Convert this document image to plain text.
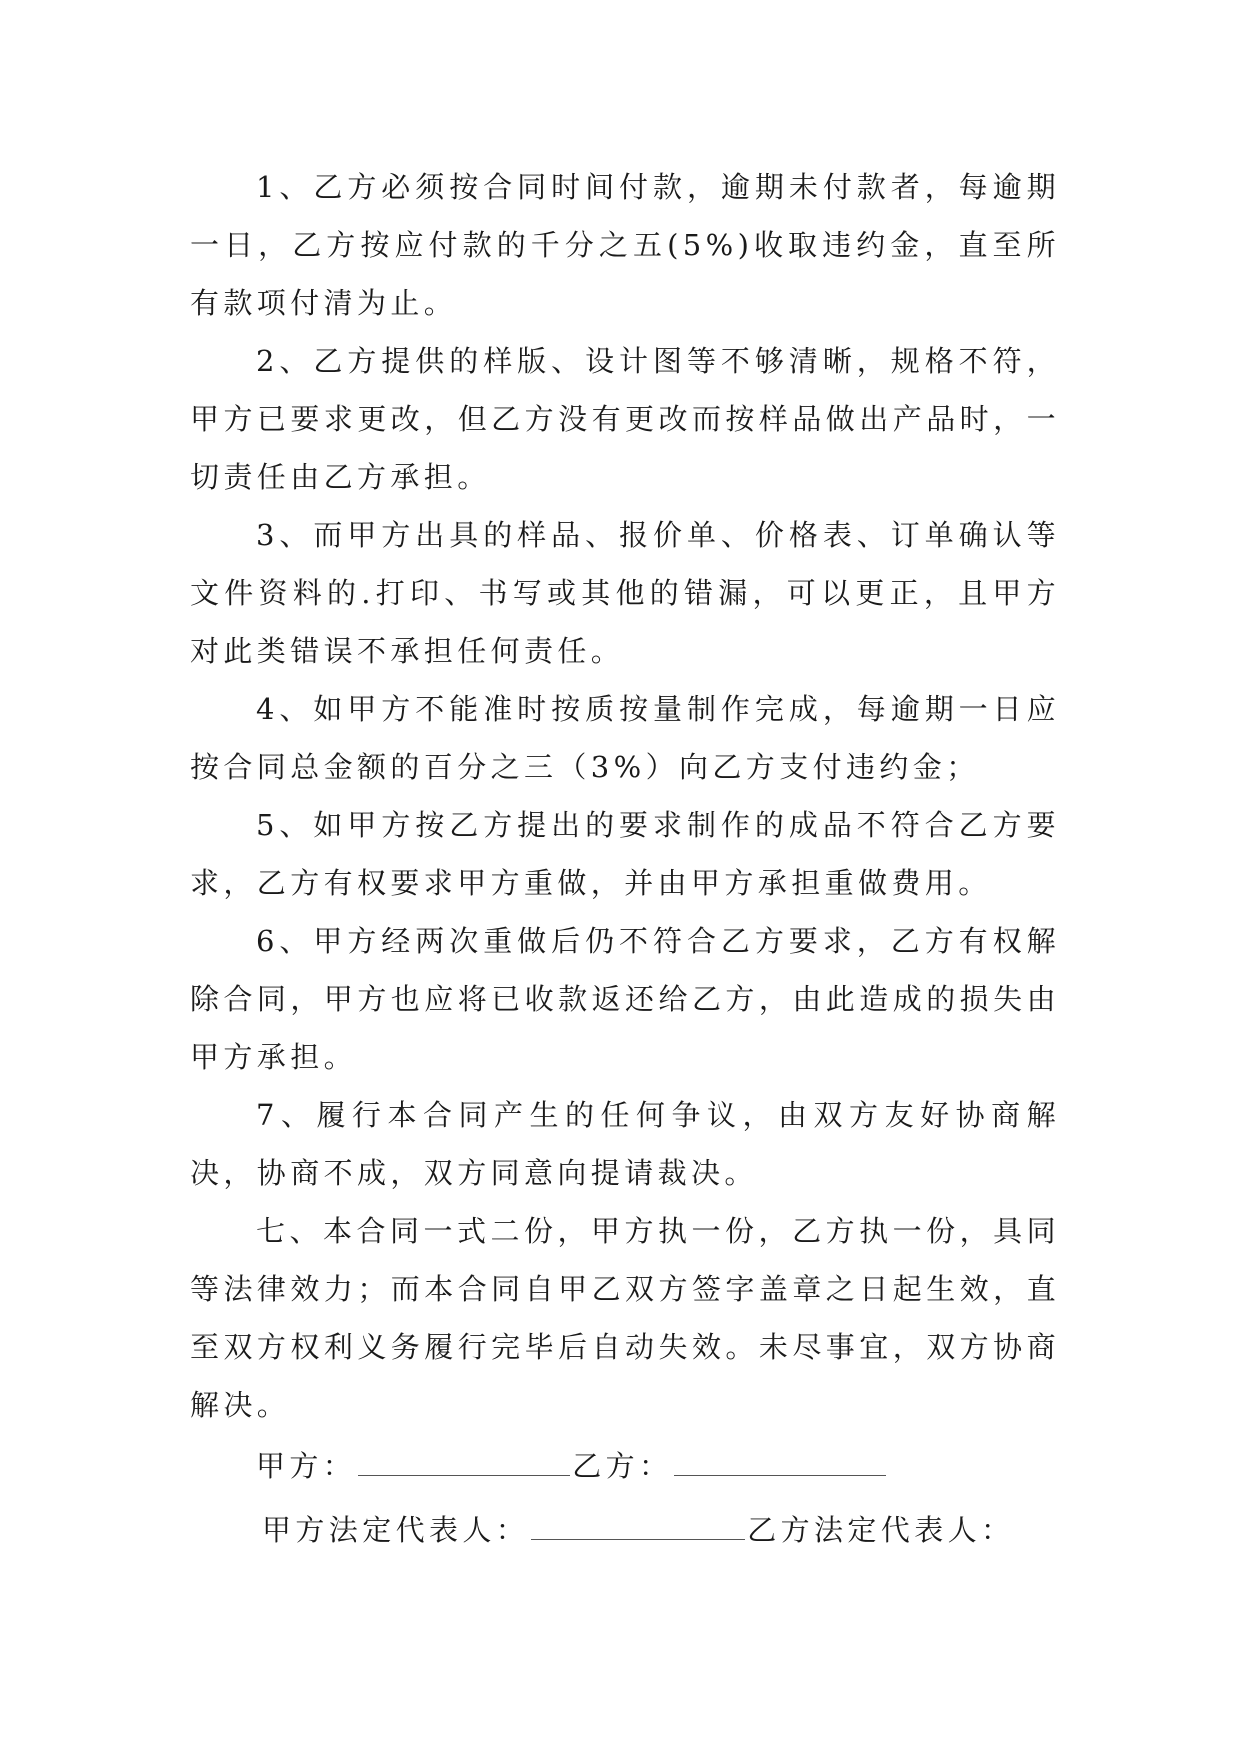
1、乙方必须按合同时间付款，逾期未付款者，每逾期一日，乙方按应付款的千分之五(5%)收取违约金，直至所有款项付清为止。

2、乙方提供的样版、设计图等不够清晰，规格不符，甲方已要求更改，但乙方没有更改而按样品做出产品时，一切责任由乙方承担。

3、而甲方出具的样品、报价单、价格表、订单确认等文件资料的.打印、书写或其他的错漏，可以更正，且甲方对此类错误不承担任何责任。

4、如甲方不能准时按质按量制作完成，每逾期一日应按合同总金额的百分之三（3%）向乙方支付违约金；

5、如甲方按乙方提出的要求制作的成品不符合乙方要求，乙方有权要求甲方重做，并由甲方承担重做费用。

6、甲方经两次重做后仍不符合乙方要求，乙方有权解除合同，甲方也应将已收款返还给乙方，由此造成的损失由甲方承担。

7、履行本合同产生的任何争议，由双方友好协商解决，协商不成，双方同意向提请裁决。

七、本合同一式二份，甲方执一份，乙方执一份，具同等法律效力；而本合同自甲乙双方签字盖章之日起生效，直至双方权利义务履行完毕后自动失效。未尽事宜，双方协商解决。

甲方：	乙方：
甲方法定代表人：	乙方法定代表人：
